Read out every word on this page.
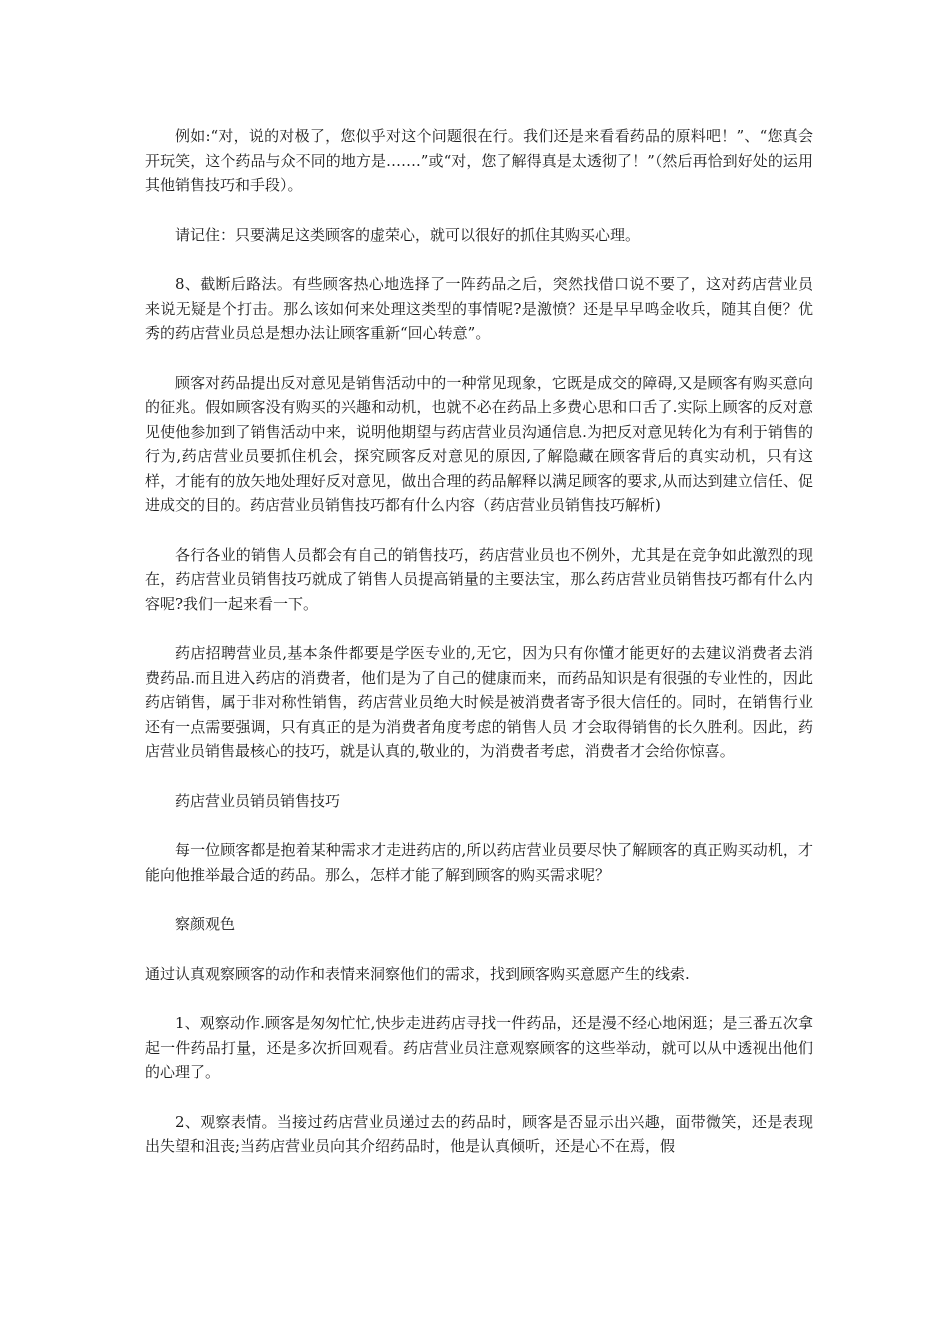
例如:“对，说的对极了，您似乎对这个问题很在行。我们还是来看看药品的原料吧！”、“您真会开玩笑，这个药品与众不同的地方是…….”或“对，您了解得真是太透彻了！”（然后再恰到好处的运用其他销售技巧和手段）。

请记住：只要满足这类顾客的虚荣心，就可以很好的抓住其购买心理。

8、截断后路法。有些顾客热心地选择了一阵药品之后，突然找借口说不要了，这对药店营业员来说无疑是个打击。那么该如何来处理这类型的事情呢?是激愤？还是早早鸣金收兵，随其自便？优秀的药店营业员总是想办法让顾客重新“回心转意”。

顾客对药品提出反对意见是销售活动中的一种常见现象，它既是成交的障碍,又是顾客有购买意向的征兆。假如顾客没有购买的兴趣和动机，也就不必在药品上多费心思和口舌了.实际上顾客的反对意见使他参加到了销售活动中来，说明他期望与药店营业员沟通信息.为把反对意见转化为有利于销售的行为,药店营业员要抓住机会，探究顾客反对意见的原因,了解隐藏在顾客背后的真实动机，只有这样，才能有的放矢地处理好反对意见，做出合理的药品解释以满足顾客的要求,从而达到建立信任、促进成交的目的。药店营业员销售技巧都有什么内容（药店营业员销售技巧解析)

各行各业的销售人员都会有自己的销售技巧，药店营业员也不例外，尤其是在竞争如此激烈的现在，药店营业员销售技巧就成了销售人员提高销量的主要法宝，那么药店营业员销售技巧都有什么内容呢?我们一起来看一下。

药店招聘营业员,基本条件都要是学医专业的,无它，因为只有你懂才能更好的去建议消费者去消费药品.而且进入药店的消费者，他们是为了自己的健康而来，而药品知识是有很强的专业性的，因此药店销售，属于非对称性销售，药店营业员绝大时候是被消费者寄予很大信任的。同时，在销售行业还有一点需要强调，只有真正的是为消费者角度考虑的销售人员 才会取得销售的长久胜利。因此，药店营业员销售最核心的技巧，就是认真的,敬业的，为消费者考虑，消费者才会给你惊喜。

药店营业员销员销售技巧

每一位顾客都是抱着某种需求才走进药店的,所以药店营业员要尽快了解顾客的真正购买动机，才能向他推举最合适的药品。那么，怎样才能了解到顾客的购买需求呢？

察颜观色

通过认真观察顾客的动作和表情来洞察他们的需求，找到顾客购买意愿产生的线索.

1、观察动作.顾客是匆匆忙忙,快步走进药店寻找一件药品，还是漫不经心地闲逛；是三番五次拿起一件药品打量，还是多次折回观看。药店营业员注意观察顾客的这些举动，就可以从中透视出他们的心理了。

2、观察表情。当接过药店营业员递过去的药品时，顾客是否显示出兴趣，面带微笑，还是表现出失望和沮丧;当药店营业员向其介绍药品时，他是认真倾听，还是心不在焉，假
